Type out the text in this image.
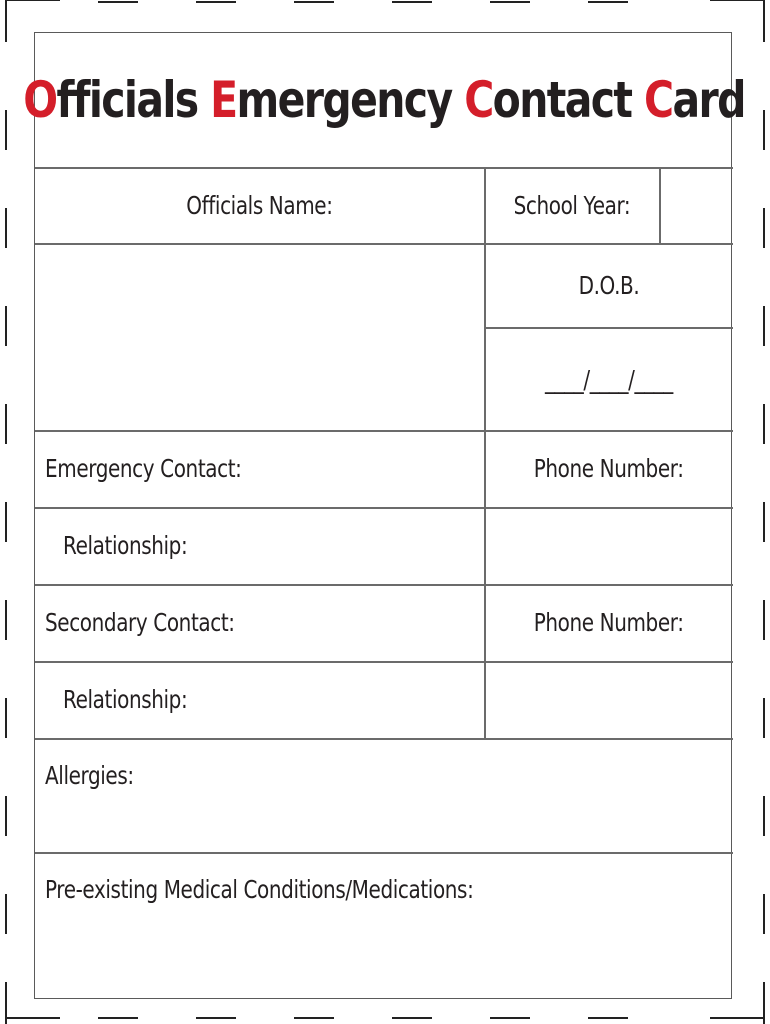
O fficials
E mergency
C ontact
C ard
Officials Name:	School Year:
D.O.B.
____/____/____
Emergency Contact:	Phone Number:
Relationship:
Secondary Contact:	Phone Number:
Relationship:
Allergies:
Pre-existing Medical Conditions/Medications:
